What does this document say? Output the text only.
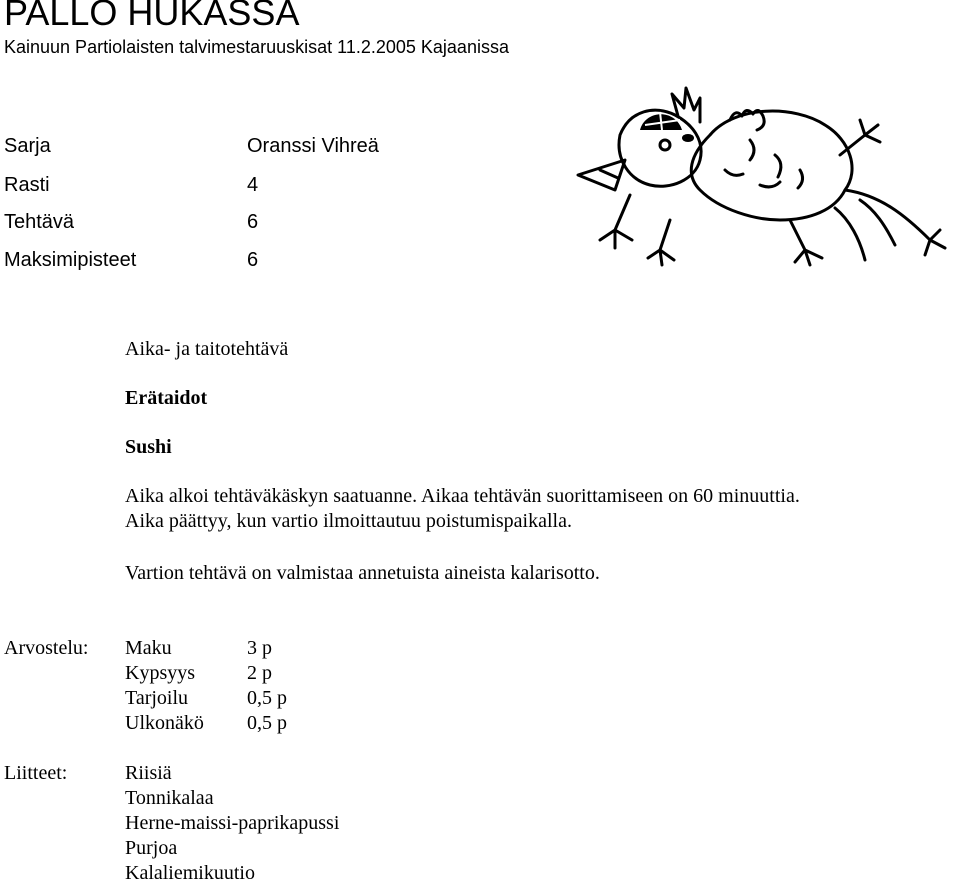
PALLO HUKASSA
Kainuun Partiolaisten talvimestaruuskisat 11.2.2005 Kajaanissa
Sarja	Oranssi Vihreä
Rasti	4
Tehtävä	6
Maksimipisteet	6
Aika- ja taitotehtävä
Erätaidot
Sushi
Aika alkoi tehtäväkäskyn saatuanne. Aikaa tehtävän suorittamiseen on 60 minuuttia.
Aika päättyy, kun vartio ilmoittautuu poistumispaikalla.
Vartion tehtävä on valmistaa annetuista aineista kalarisotto.
Arvostelu: Maku	3 p
Kypsyys	2 p
Tarjoilu	0,5 p
Ulkonäkö 0,5 p
Liitteet:	Riisiä
Tonnikalaa
Herne-maissi-paprikapussi
Purjoa
Kalaliemikuutio
